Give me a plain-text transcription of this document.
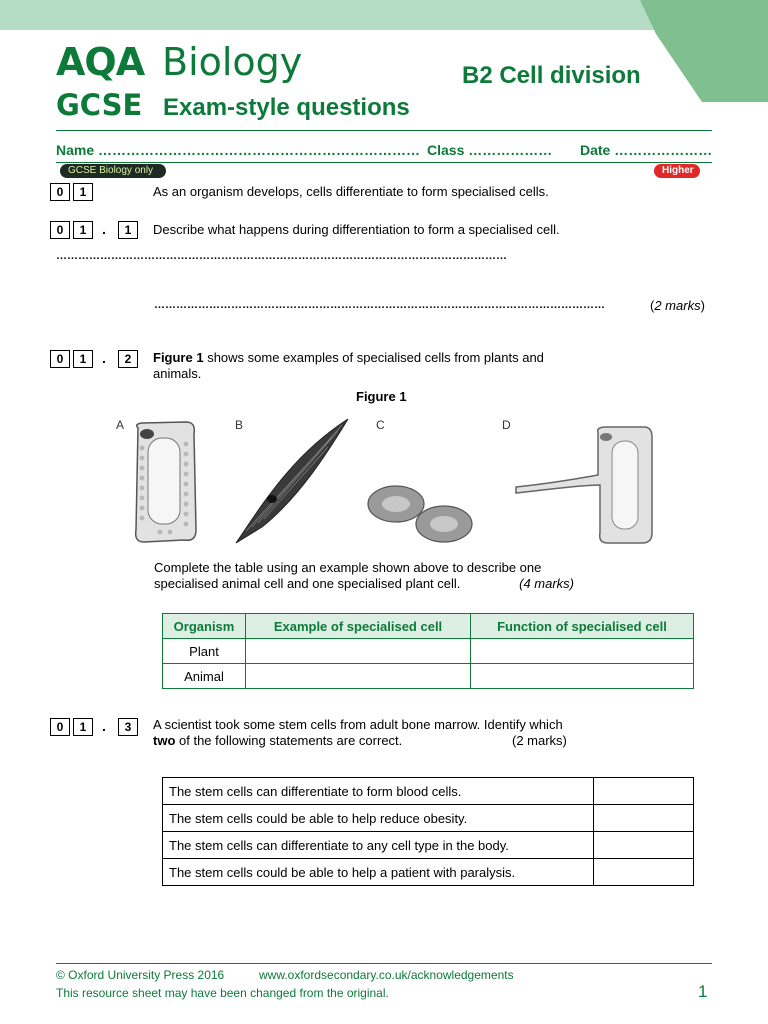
AQA Biology
GCSE Exam-style questions
B2 Cell division
Name …………………………………………………………… Class ……………… Date …………………
GCSE Biology only	Higher
0	1	As an organism develops, cells differentiate to form specialised cells.
0	1	.	1	Describe what happens during differentiation to form a specialised cell.
……………………………………………………………………………………………………………
……………………………………………………………………………………………………………	(2 marks)
0	1	.	2	Figure 1 shows some examples of specialised cells from plants and animals.
Figure 1
A	B	C	D
Complete the table using an example shown above to describe one specialised animal cell and one specialised plant cell.	(4 marks)
Organism	Example of specialised cell	Function of specialised cell
Plant		
Animal		
0	1	.	3	A scientist took some stem cells from adult bone marrow. Identify which two of the following statements are correct.	(2 marks)
The stem cells can differentiate to form blood cells.	
The stem cells could be able to help reduce obesity.	
The stem cells can differentiate to any cell type in the body.	
The stem cells could be able to help a patient with paralysis.	
© Oxford University Press 2016	www.oxfordsecondary.co.uk/acknowledgements
This resource sheet may have been changed from the original.	1
